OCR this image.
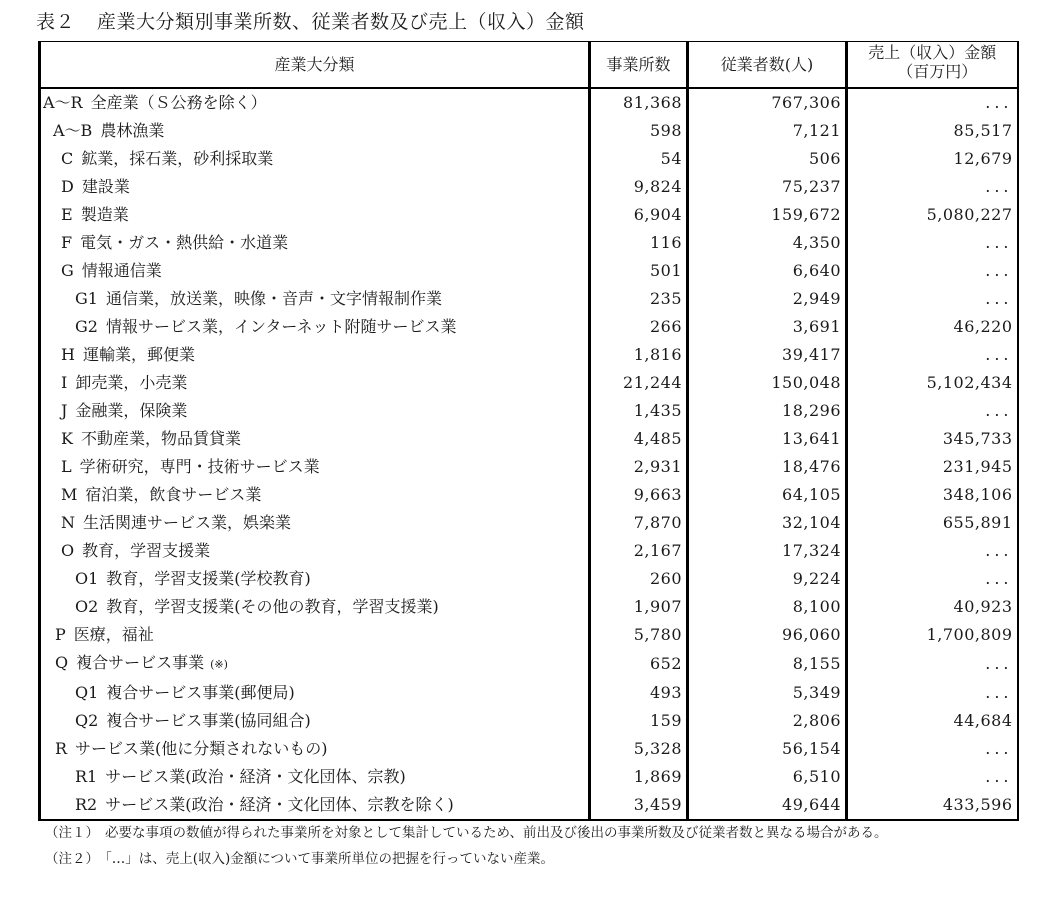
表２ 産業大分類別事業所数、従業者数及び売上（収入）金額
産業大分類	事業所数	従業者数(人)	売上（収入）金額
（百万円）

A～R 全産業（Ｓ公務を除く）	81,368	767,306	...
A～B 農林漁業	598	7,121	85,517
C 鉱業，採石業，砂利採取業	54	506	12,679
D 建設業	9,824	75,237	...
E 製造業	6,904	159,672	5,080,227
F 電気・ガス・熱供給・水道業	116	4,350	...
G 情報通信業	501	6,640	...
G1 通信業，放送業，映像・音声・文字情報制作業	235	2,949	...
G2 情報サービス業，インターネット附随サービス業	266	3,691	46,220
H 運輸業，郵便業	1,816	39,417	...
I 卸売業，小売業	21,244	150,048	5,102,434
J 金融業，保険業	1,435	18,296	...
K 不動産業，物品賃貸業	4,485	13,641	345,733
L 学術研究，専門・技術サービス業	2,931	18,476	231,945
M 宿泊業，飲食サービス業	9,663	64,105	348,106
N 生活関連サービス業，娯楽業	7,870	32,104	655,891
O 教育，学習支援業	2,167	17,324	...
O1 教育，学習支援業(学校教育)	260	9,224	...
O2 教育，学習支援業(その他の教育，学習支援業)	1,907	8,100	40,923
P 医療，福祉	5,780	96,060	1,700,809
Q 複合サービス事業 (※)	652	8,155	...
Q1 複合サービス事業(郵便局)	493	5,349	...
Q2 複合サービス事業(協同組合)	159	2,806	44,684
R サービス業(他に分類されないもの)	5,328	56,154	...
R1 サービス業(政治・経済・文化団体、宗教)	1,869	6,510	...
R2 サービス業(政治・経済・文化団体、宗教を除く)	3,459	49,644	433,596
（注１） 必要な事項の数値が得られた事業所を対象として集計しているため、前出及び後出の事業所数及び従業者数と異なる場合がある。
（注２） 「…」は、売上(収入)金額について事業所単位の把握を行っていない産業。
